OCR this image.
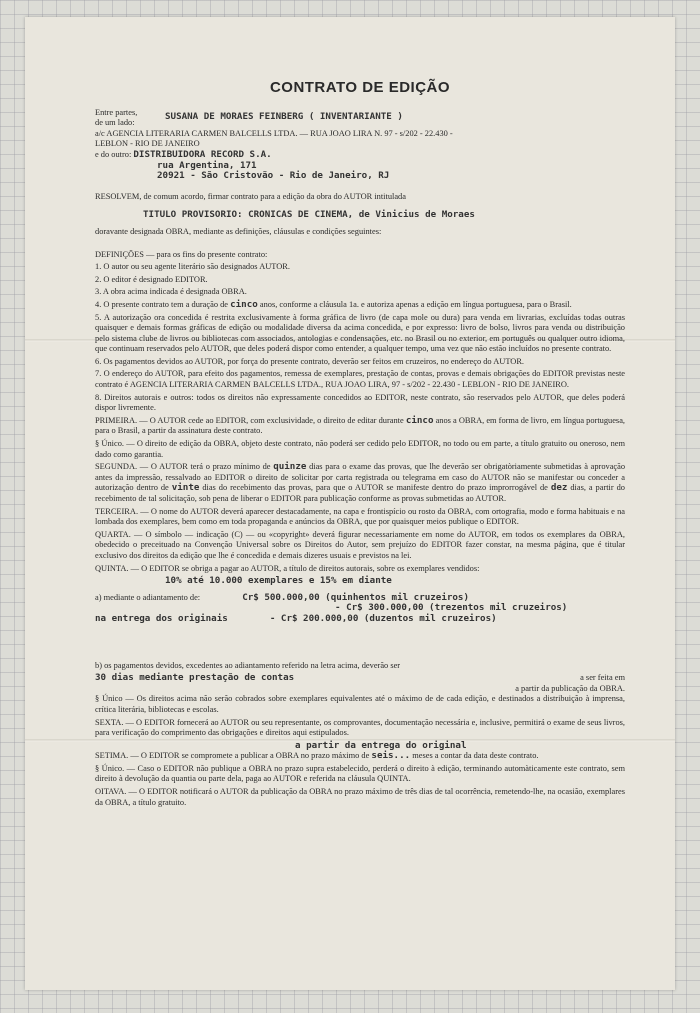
CONTRATO DE EDIÇÃO
Entre partes,
de um lado:
SUSANA DE MORAES FEINBERG ( INVENTARIANTE )
a/c AGENCIA LITERARIA CARMEN BALCELLS LTDA. — RUA JOAO LIRA N. 97 - s/202 - 22.430 -
LEBLON - RIO DE JANEIRO
e do outro: DISTRIBUIDORA RECORD S.A.
rua Argentina, 171
20921 - São Cristovão - Rio de Janeiro, RJ

RESOLVEM, de comum acordo, firmar contrato para a edição da obra do AUTOR intitulada

TITULO PROVISORIO: CRONICAS DE CINEMA, de Vinicius de Moraes

doravante designada OBRA, mediante as definições, cláusulas e condições seguintes:

DEFINIÇÕES — para os fins do presente contrato:

1. O autor ou seu agente literário são designados AUTOR.

2. O editor é designado EDITOR.

3. A obra acima indicada é designada OBRA.

4. O presente contrato tem a duração de cinco anos, conforme a cláusula 1a. e autoriza apenas a edição em língua portuguesa, para o Brasil.

5. A autorização ora concedida é restrita exclusivamente à forma gráfica de livro (de capa mole ou dura) para venda em livrarias, excluídas todas outras quaisquer e demais formas gráficas de edição ou modalidade diversa da acima concedida, e por expresso: livro de bolso, livros para venda ou distribuição pelo sistema clube de livros ou bibliotecas com associados, antologias e condensações, etc. no Brasil ou no exterior, em português ou qualquer outro idioma, que continuam reservados pelo AUTOR, que deles poderá dispor como entender, a qualquer tempo, uma vez que não estão incluídos no presente contrato.

6. Os pagamentos devidos ao AUTOR, por força do presente contrato, deverão ser feitos em cruzeiros, no endereço do AUTOR.

7. O endereço do AUTOR, para efeito dos pagamentos, remessa de exemplares, prestação de contas, provas e demais obrigações do EDITOR previstas neste contrato é AGENCIA LITERARIA CARMEN BALCELLS LTDA., RUA JOAO LIRA, 97 - s/202 - 22.430 - LEBLON - RIO DE JANEIRO.

8. Direitos autorais e outros: todos os direitos não expressamente concedidos ao EDITOR, neste contrato, são reservados pelo AUTOR, que deles poderá dispor livremente.

PRIMEIRA. — O AUTOR cede ao EDITOR, com exclusividade, o direito de editar durante cinco anos a OBRA, em forma de livro, em língua portuguesa, para o Brasil, a partir da assinatura deste contrato.

§ Único. — O direito de edição da OBRA, objeto deste contrato, não poderá ser cedido pelo EDITOR, no todo ou em parte, a título gratuito ou oneroso, nem dado como garantia.

SEGUNDA. — O AUTOR terá o prazo mínimo de quinze dias para o exame das provas, que lhe deverão ser obrigatòriamente submetidas à aprovação antes da impressão, ressalvado ao EDITOR o direito de solicitar por carta registrada ou telegrama em caso do AUTOR não se manifestar ou conceder a autorização dentro de vinte dias do recebimento das provas, para que o AUTOR se manifeste dentro do prazo improrrogável de dez dias, a partir do recebimento de tal solicitação, sob pena de liberar o EDITOR para publicação conforme as provas submetidas ao AUTOR.

TERCEIRA. — O nome do AUTOR deverá aparecer destacadamente, na capa e frontispício ou rosto da OBRA, com ortografia, modo e forma habituais e na lombada dos exemplares, bem como em toda propaganda e anúncios da OBRA, que por quaisquer meios publique o EDITOR.

QUARTA. — O símbolo — indicação (C) — ou «copyright» deverá figurar necessariamente em nome do AUTOR, em todos os exemplares da OBRA, obedecido o preceituado na Convenção Universal sobre os Direitos do Autor, sem prejuízo do EDITOR fazer constar, na mesma página, que é titular exclusivo dos direitos da edição que lhe é concedida e demais dizeres usuais e previstos na lei.

QUINTA. — O EDITOR se obriga a pagar ao AUTOR, a título de direitos autorais, sobre os exemplares vendidos:

10% até 10.000 exemplares e 15% em diante
a) mediante o adiantamento de:	Cr$ 500.000,00 (quinhentos mil cruzeiros)
- Cr$ 300.000,00 (trezentos mil cruzeiros)
na entrega dos originais	- Cr$ 200.000,00 (duzentos mil cruzeiros)

b) os pagamentos devidos, excedentes ao adiantamento referido na letra acima, deverão ser

30 dias mediante prestação de contas	a ser feita em
a partir da publicação da OBRA.

§ Único — Os direitos acima não serão cobrados sobre exemplares equivalentes até o máximo de de cada edição, e destinados a distribuição à imprensa, crítica literária, bibliotecas e escolas.

SEXTA. — O EDITOR fornecerá ao AUTOR ou seu representante, os comprovantes, documentação necessária e, inclusive, permitirá o exame de seus livros, para verificação do comprimento das obrigações e direitos aqui estipulados.

a partir da entrega do original

SETIMA. — O EDITOR se compromete a publicar a OBRA no prazo máximo de seis... meses a contar da data deste contrato.

§ Único. — Caso o EDITOR não publique a OBRA no prazo supra estabelecido, perderá o direito à edição, terminando automàticamente este contrato, sem direito à devolução da quantia ou parte dela, paga ao AUTOR e referida na cláusula QUINTA.

OITAVA. — O EDITOR notificará o AUTOR da publicação da OBRA no prazo máximo de três dias de tal ocorrência, remetendo-lhe, na ocasião, exemplares da OBRA, a título gratuito.
